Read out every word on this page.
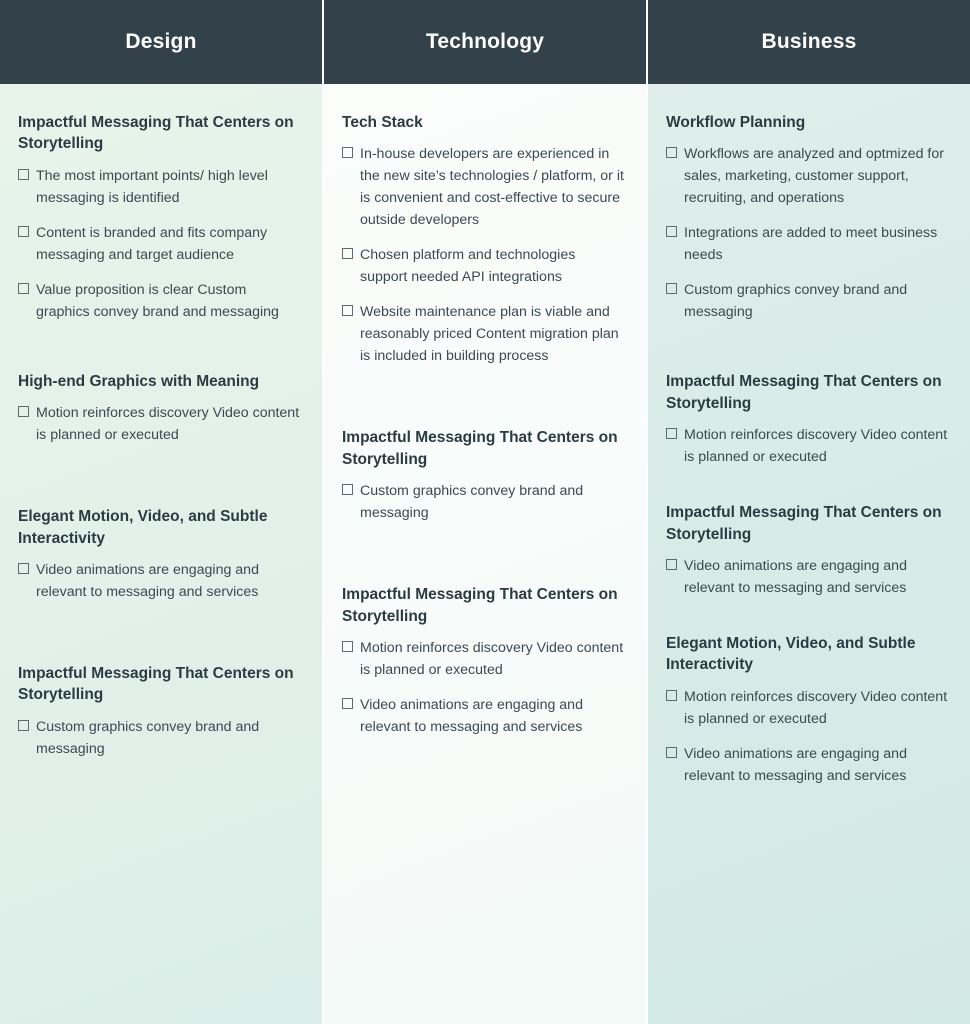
Design	Technology	Business
Impactful Messaging That Centers on Storytelling
The most important points/ high level messaging is identified
Content is branded and fits company messaging and target audience
Value proposition is clear Custom graphics convey brand and messaging
High-end Graphics with Meaning
Motion reinforces discovery Video content is planned or executed
Elegant Motion, Video, and Subtle Interactivity
Video animations are engaging and relevant to messaging and services
Impactful Messaging That Centers on Storytelling
Custom graphics convey brand and messaging
Tech Stack
In-house developers are experienced in the new site’s technologies / platform, or it is convenient and cost-effective to secure outside developers
Chosen platform and technologies support needed API integrations
Website maintenance plan is viable and reasonably priced Content migration plan is included in building process
Impactful Messaging That Centers on Storytelling
Custom graphics convey brand and messaging
Impactful Messaging That Centers on Storytelling
Motion reinforces discovery Video content is planned or executed
Video animations are engaging and relevant to messaging and services
Workflow Planning
Workflows are analyzed and optmized for sales, marketing, customer support, recruiting, and operations
Integrations are added to meet business needs
Custom graphics convey brand and messaging
Impactful Messaging That Centers on Storytelling
Motion reinforces discovery Video content is planned or executed
Impactful Messaging That Centers on Storytelling
Video animations are engaging and relevant to messaging and services
Elegant Motion, Video, and Subtle Interactivity
Motion reinforces discovery Video content is planned or executed
Video animations are engaging and relevant to messaging and services
